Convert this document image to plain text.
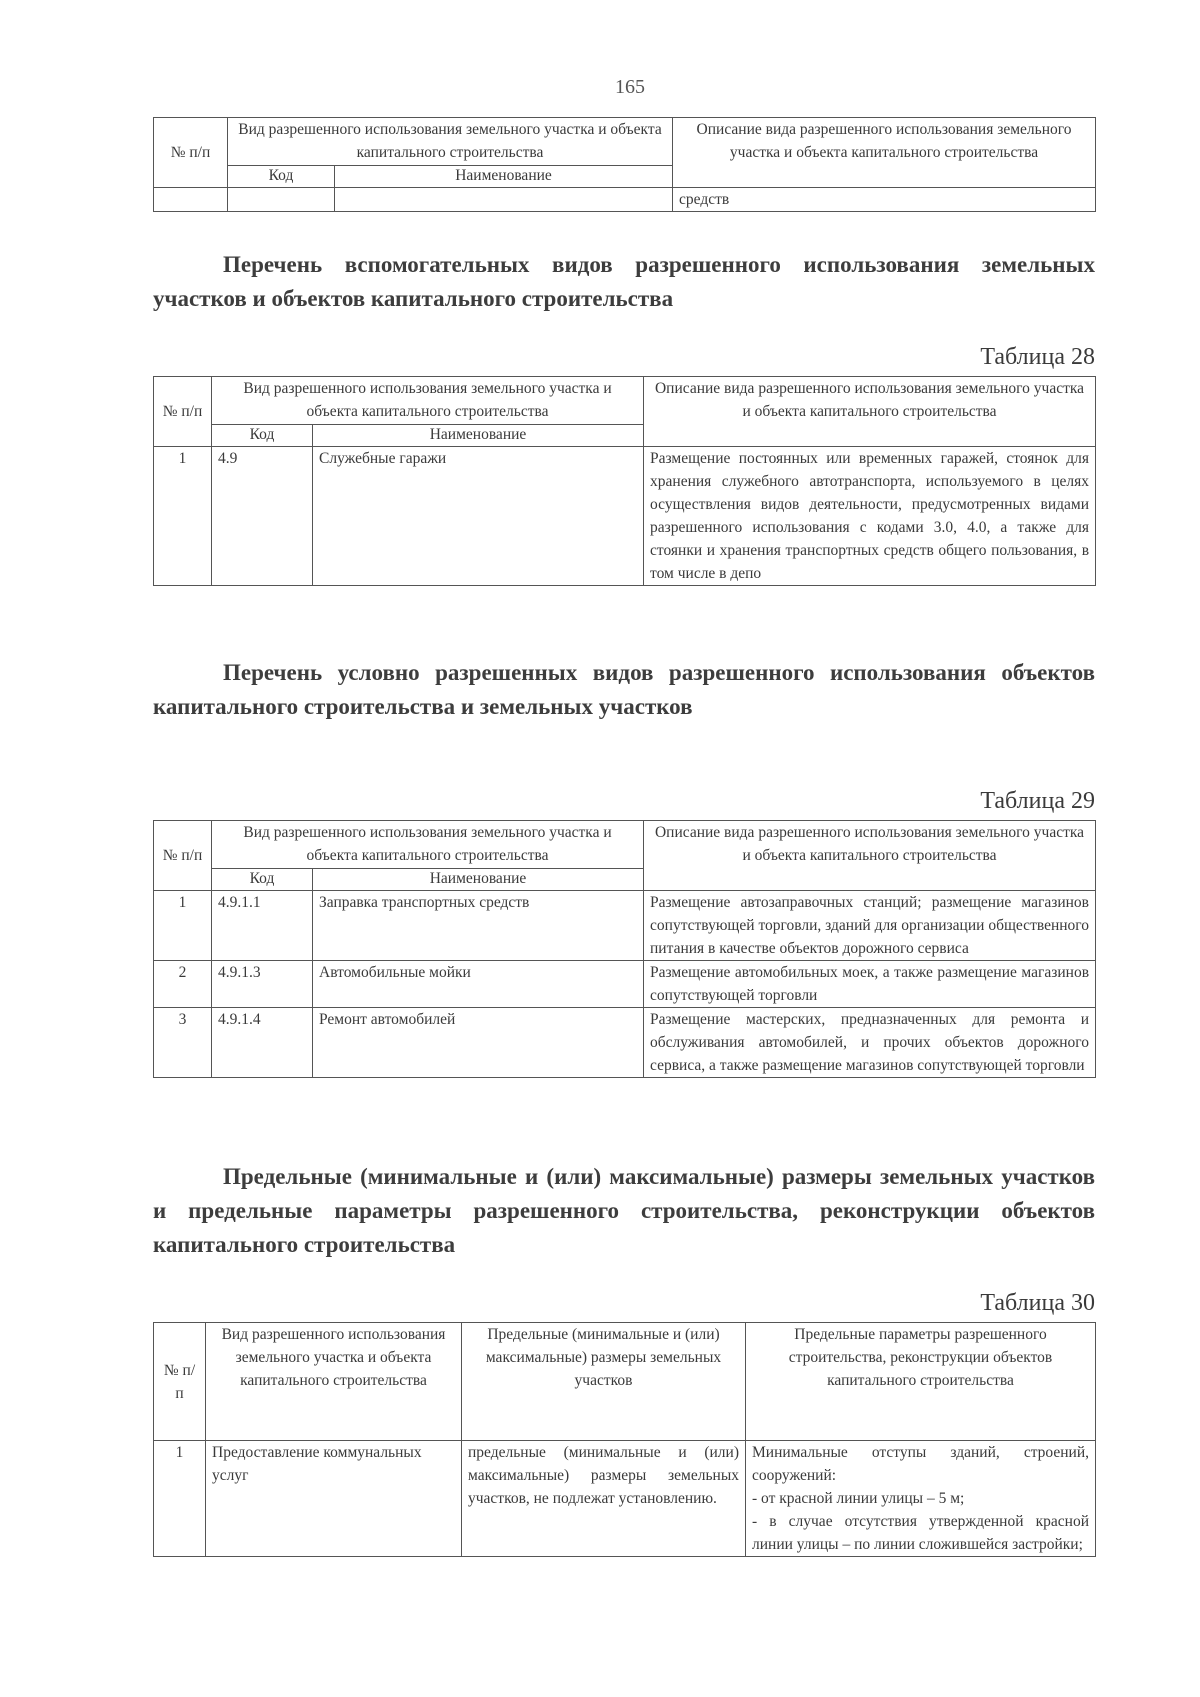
165
№ п/п	Вид разрешенного использования земельного участка и объекта капитального строительства		Описание вида разрешенного использования земельного участка и объекта капитального строительства
	Код	Наименование	
			средств
Перечень вспомогательных видов разрешенного использования земельных участков и объектов капитального строительства
Таблица 28
№ п/п	Вид разрешенного использования земельного участка и объекта капитального строительства		Описание вида разрешенного использования земельного участка и объекта капитального строительства
	Код	Наименование	
1	4.9	Служебные гаражи	Размещение постоянных или временных гаражей, стоянок для хранения служебного автотранспорта, используемого в целях осуществления видов деятельности, предусмотренных видами разрешенного использования с кодами 3.0, 4.0, а также для стоянки и хранения транспортных средств общего пользования, в том числе в депо
Перечень условно разрешенных видов разрешенного использования объектов капитального строительства и земельных участков
Таблица 29
№ п/п	Вид разрешенного использования земельного участка и объекта капитального строительства		Описание вида разрешенного использования земельного участка и объекта капитального строительства
	Код	Наименование	
1	4.9.1.1	Заправка транспортных средств	Размещение автозаправочных станций; размещение магазинов сопутствующей торговли, зданий для организации общественного питания в качестве объектов дорожного сервиса
2	4.9.1.3	Автомобильные мойки	Размещение автомобильных моек, а также размещение магазинов сопутствующей торговли
3	4.9.1.4	Ремонт автомобилей	Размещение мастерских, предназначенных для ремонта и обслуживания автомобилей, и прочих объектов дорожного сервиса, а также размещение магазинов сопутствующей торговли
Предельные (минимальные и (или) максимальные) размеры земельных участков и предельные параметры разрешенного строительства, реконструкции объектов капитального строительства
Таблица 30
№ п/п	Вид разрешенного использования земельного участка и объекта капитального строительства	Предельные (минимальные и (или) максимальные) размеры земельных участков	Предельные параметры разрешенного строительства, реконструкции объектов капитального строительства
1	Предоставление коммунальных услуг	предельные (минимальные и (или) максимальные) размеры земельных участков, не подлежат установлению.	Минимальные отступы зданий, строений, сооружений:
- от красной линии улицы – 5 м;
- в случае отсутствия утвержденной красной линии улицы – по линии сложившейся застройки;
